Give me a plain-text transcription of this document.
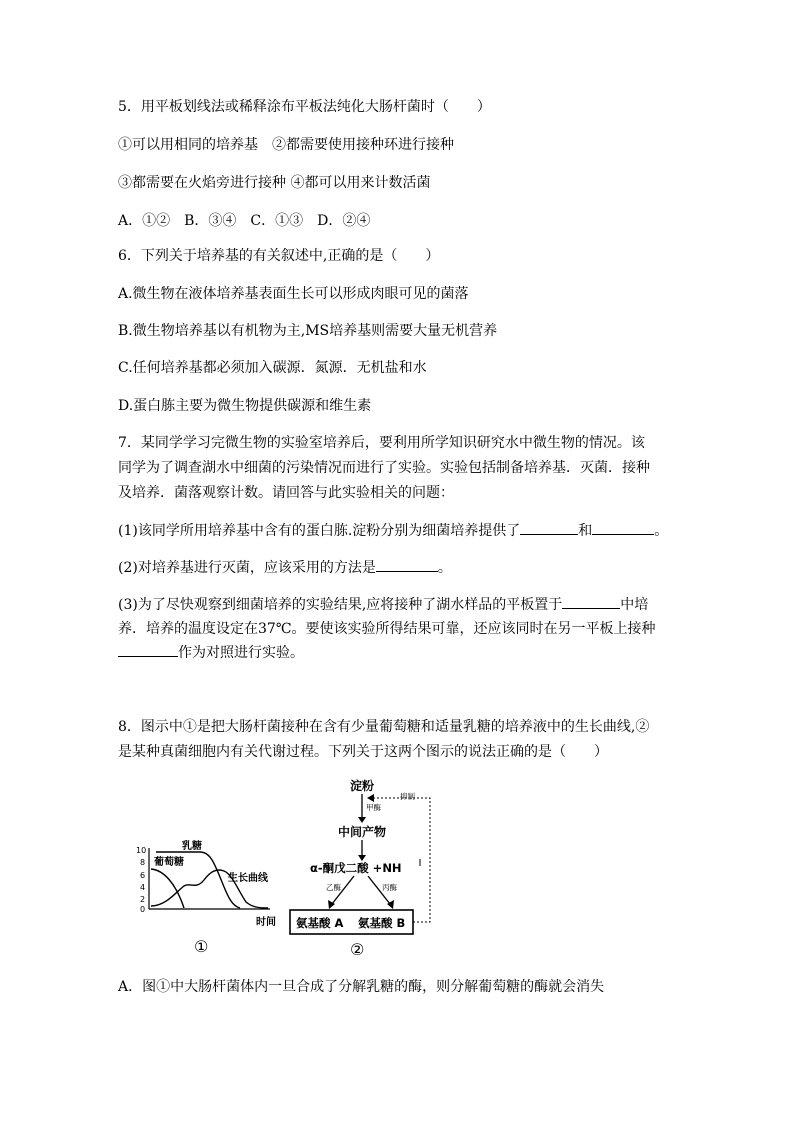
5．用平板划线法或稀释涂布平板法纯化大肠杆菌时（　　）
①可以用相同的培养基　②都需要使用接种环进行接种
③都需要在火焰旁进行接种 ④都可以用来计数活菌
A．①②　B．③④　C．①③　D．②④
6．下列关于培养基的有关叙述中,正确的是（　　）
A.微生物在液体培养基表面生长可以形成肉眼可见的菌落
B.微生物培养基以有机物为主,MS培养基则需要大量无机营养
C.任何培养基都必须加入碳源．氮源．无机盐和水
D.蛋白胨主要为微生物提供碳源和维生素
7．某同学学习完微生物的实验室培养后，要利用所学知识研究水中微生物的情况。该
同学为了调查湖水中细菌的污染情况而进行了实验。实验包括制备培养基．灭菌．接种
及培养．菌落观察计数。请回答与此实验相关的问题：
(1)该同学所用培养基中含有的蛋白胨.淀粉分别为细菌培养提供了	和	。
(2)对培养基进行灭菌，应该采用的方法是	。
(3)为了尽快观察到细菌培养的实验结果,应将接种了湖水样品的平板置于	中培
养．培养的温度设定在37℃。要使该实验所得结果可靠，还应该同时在另一平板上接种
作为对照进行实验。
8．图示中①是把大肠杆菌接种在含有少量葡萄糖和适量乳糖的培养液中的生长曲线,②
是某种真菌细胞内有关代谢过程。下列关于这两个图示的说法正确的是（　　）
10
8
6
4
2
0
乳糖
葡萄糖
生长曲线
时间
①
淀粉
甲酶
抑制
中间产物
α-酮戊二酸 +NH
乙酶	丙酶
氨基酸 A 氨基酸 B
②
A．图①中大肠杆菌体内一旦合成了分解乳糖的酶，则分解葡萄糖的酶就会消失
